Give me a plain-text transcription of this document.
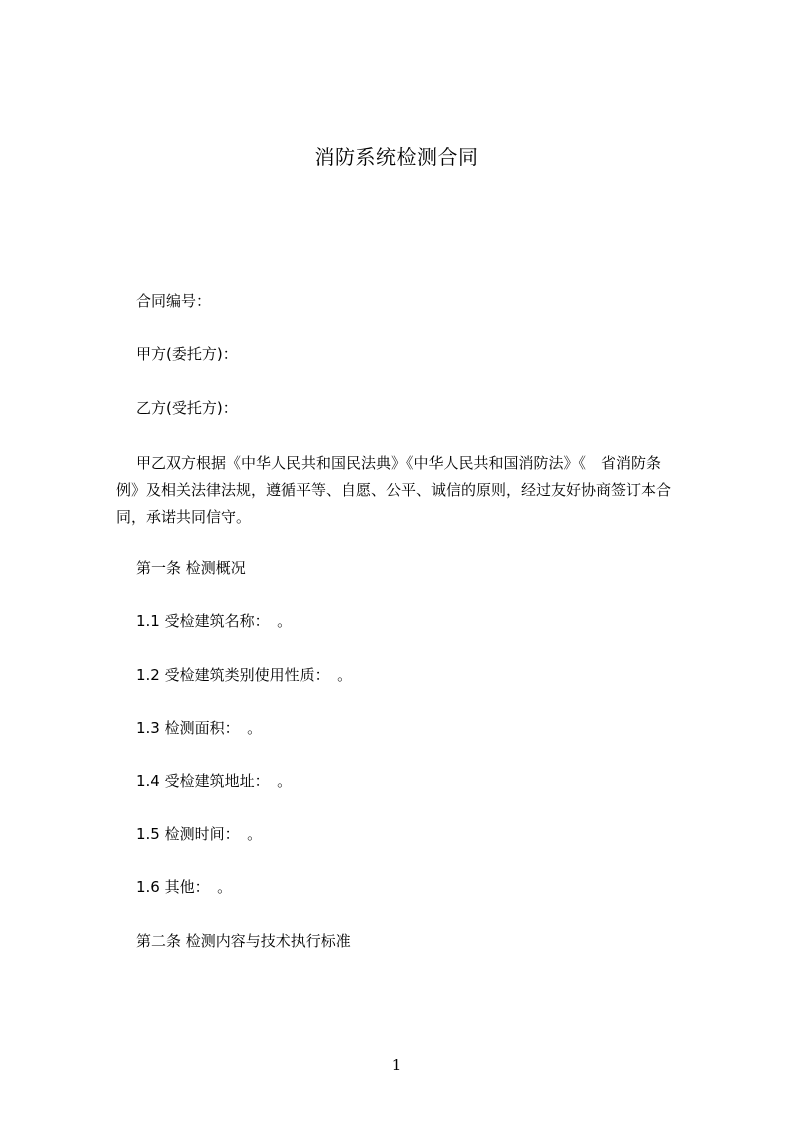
消防系统检测合同
合同编号：
甲方(委托方)：
乙方(受托方)：
甲乙双方根据《中华人民共和国民法典》《中华人民共和国消防法》《　省消防条
例》及相关法律法规，遵循平等、自愿、公平、诚信的原则，经过友好协商签订本合
同，承诺共同信守。
第一条 检测概况
1.1 受检建筑名称：　。
1.2 受检建筑类别使用性质：　。
1.3 检测面积：　。
1.4 受检建筑地址：　。
1.5 检测时间：　。
1.6 其他：　。
第二条 检测内容与技术执行标准
1
